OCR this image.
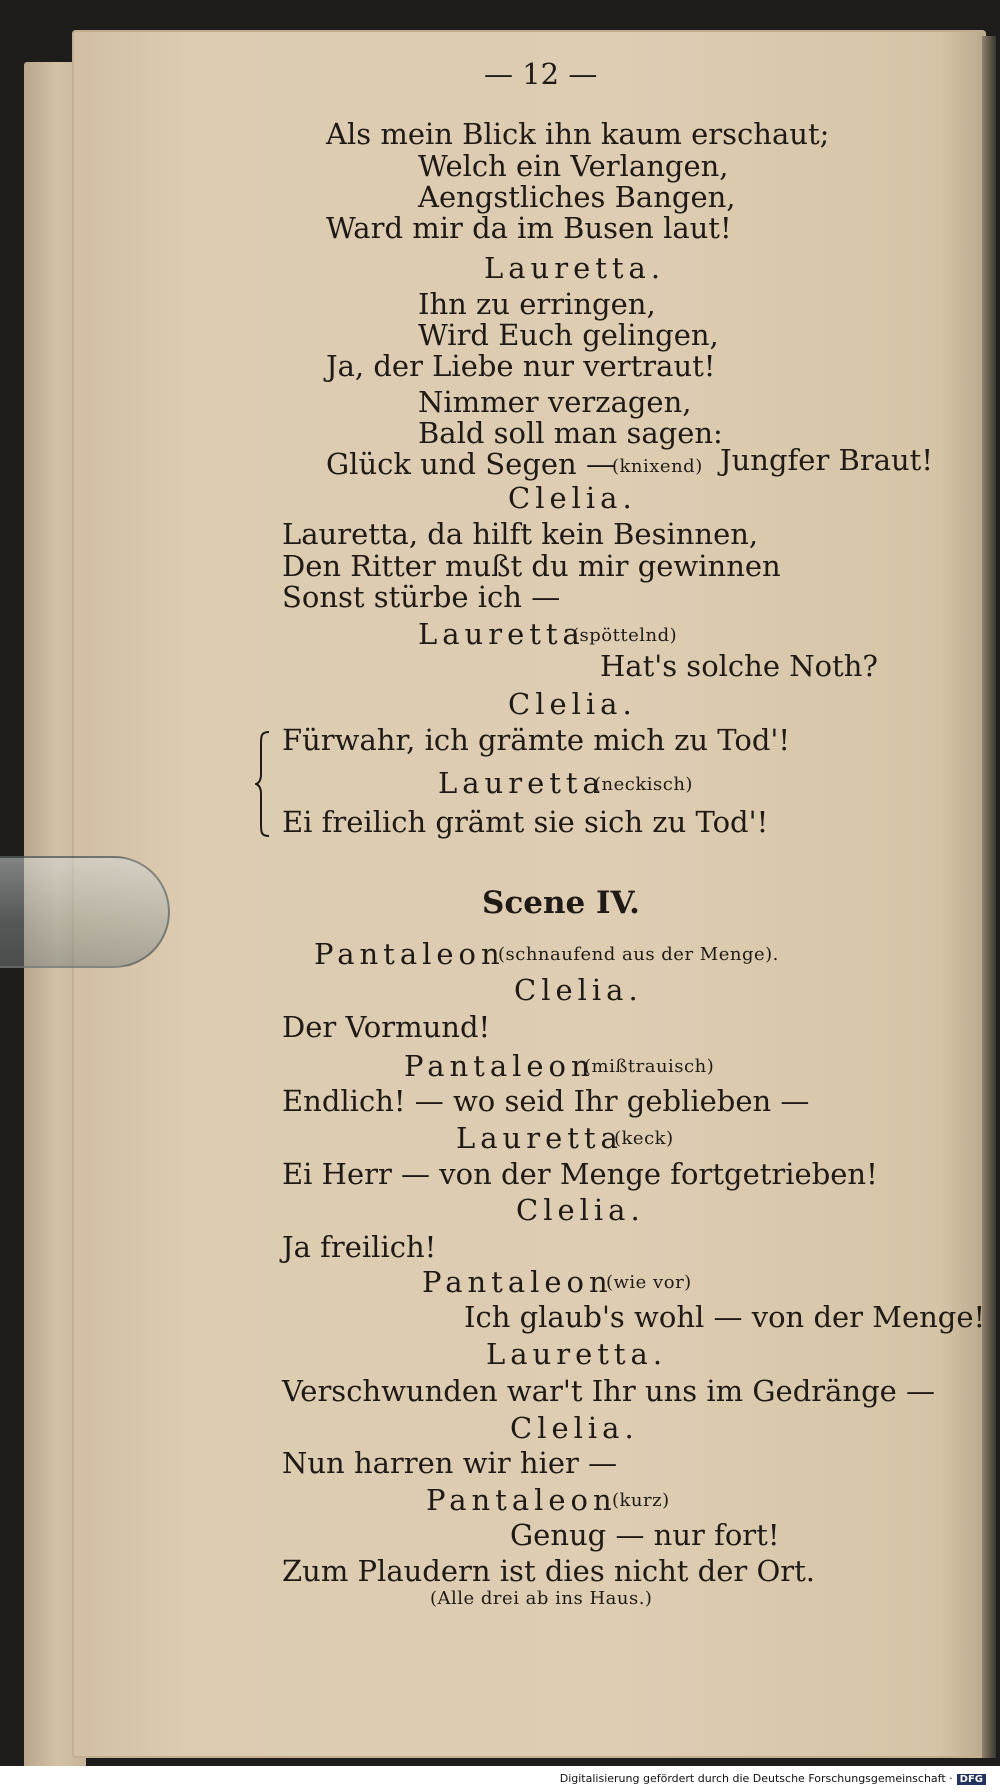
— 12 —
Als mein Blick ihn kaum erschaut;
Welch ein Verlangen,
Aengstliches Bangen,
Ward mir da im Busen laut!
Lauretta.
Ihn zu erringen,
Wird Euch gelingen,
Ja, der Liebe nur vertraut!
Nimmer verzagen,
Bald soll man sagen:
Glück und Segen —
(knixend) Jungfer Braut!
Clelia.
Lauretta, da hilft kein Besinnen,
Den Ritter mußt du mir gewinnen
Sonst stürbe ich —
Lauretta
(spöttelnd)
Hat's solche Noth?
Clelia.
Fürwahr, ich grämte mich zu Tod'!
Lauretta
(neckisch)
Ei freilich grämt sie sich zu Tod'!
Scene IV.
Pantaleon
(schnaufend aus der Menge).
Clelia.
Der Vormund!
Pantaleon
(mißtrauisch)
Endlich! — wo seid Ihr geblieben —
Lauretta
(keck)
Ei Herr — von der Menge fortgetrieben!
Clelia.
Ja freilich!
Pantaleon
(wie vor)
Ich glaub's wohl — von der Menge!
Lauretta.
Verschwunden war't Ihr uns im Gedränge —
Clelia.
Nun harren wir hier —
Pantaleon
(kurz)
Genug — nur fort!
Zum Plaudern ist dies nicht der Ort.
(Alle drei ab ins Haus.)
Digitalisierung gefördert durch die Deutsche Forschungsgemeinschaft · DFG
